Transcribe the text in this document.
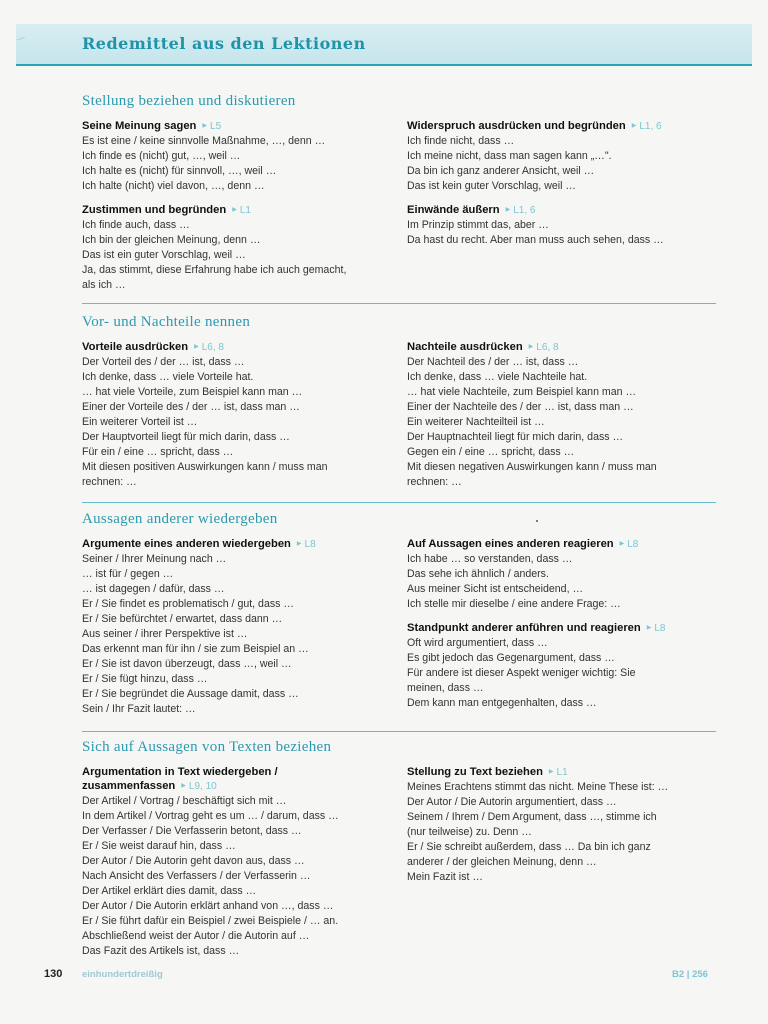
Redemittel aus den Lektionen
Stellung beziehen und diskutieren
Seine Meinung sagen ▶ L5
Es ist eine / keine sinnvolle Maßnahme, …, denn …
Ich finde es (nicht) gut, …, weil …
Ich halte es (nicht) für sinnvoll, …, weil …
Ich halte (nicht) viel davon, …, denn …
Zustimmen und begründen ▶ L1
Ich finde auch, dass …
Ich bin der gleichen Meinung, denn …
Das ist ein guter Vorschlag, weil …
Ja, das stimmt, diese Erfahrung habe ich auch gemacht,
als ich …
Widerspruch ausdrücken und begründen ▶ L1, 6
Ich finde nicht, dass …
Ich meine nicht, dass man sagen kann „…".
Da bin ich ganz anderer Ansicht, weil …
Das ist kein guter Vorschlag, weil …
Einwände äußern ▶ L1, 6
Im Prinzip stimmt das, aber …
Da hast du recht. Aber man muss auch sehen, dass …
Vor- und Nachteile nennen
Vorteile ausdrücken ▶ L6, 8
Der Vorteil des / der … ist, dass …
Ich denke, dass … viele Vorteile hat.
… hat viele Vorteile, zum Beispiel kann man …
Einer der Vorteile des / der … ist, dass man …
Ein weiterer Vorteil ist …
Der Hauptvorteil liegt für mich darin, dass …
Für ein / eine … spricht, dass …
Mit diesen positiven Auswirkungen kann / muss man
rechnen: …
Nachteile ausdrücken ▶ L6, 8
Der Nachteil des / der … ist, dass …
Ich denke, dass … viele Nachteile hat.
… hat viele Nachteile, zum Beispiel kann man …
Einer der Nachteile des / der … ist, dass man …
Ein weiterer Nachteilteil ist …
Der Hauptnachteil liegt für mich darin, dass …
Gegen ein / eine … spricht, dass …
Mit diesen negativen Auswirkungen kann / muss man
rechnen: …
Aussagen anderer wiedergeben
Argumente eines anderen wiedergeben ▶ L8
Seiner / Ihrer Meinung nach …
… ist für / gegen …
… ist dagegen / dafür, dass …
Er / Sie findet es problematisch / gut, dass …
Er / Sie befürchtet / erwartet, dass dann …
Aus seiner / ihrer Perspektive ist …
Das erkennt man für ihn / sie zum Beispiel an …
Er / Sie ist davon überzeugt, dass …, weil …
Er / Sie fügt hinzu, dass …
Er / Sie begründet die Aussage damit, dass …
Sein / Ihr Fazit lautet: …
Auf Aussagen eines anderen reagieren ▶ L8
Ich habe … so verstanden, dass …
Das sehe ich ähnlich / anders.
Aus meiner Sicht ist entscheidend, …
Ich stelle mir dieselbe / eine andere Frage: …
Standpunkt anderer anführen und reagieren ▶ L8
Oft wird argumentiert, dass …
Es gibt jedoch das Gegenargument, dass …
Für andere ist dieser Aspekt weniger wichtig: Sie
meinen, dass …
Dem kann man entgegenhalten, dass …
Sich auf Aussagen von Texten beziehen
Argumentation in Text wiedergeben /
zusammenfassen ▶ L9, 10
Der Artikel / Vortrag / beschäftigt sich mit …
In dem Artikel / Vortrag geht es um … / darum, dass …
Der Verfasser / Die Verfasserin betont, dass …
Er / Sie weist darauf hin, dass …
Der Autor / Die Autorin geht davon aus, dass …
Nach Ansicht des Verfassers / der Verfasserin …
Der Artikel erklärt dies damit, dass …
Der Autor / Die Autorin erklärt anhand von …, dass …
Er / Sie führt dafür ein Beispiel / zwei Beispiele / … an.
Abschließend weist der Autor / die Autorin auf …
Das Fazit des Artikels ist, dass …
Stellung zu Text beziehen ▶ L1
Meines Erachtens stimmt das nicht. Meine These ist: …
Der Autor / Die Autorin argumentiert, dass …
Seinem / Ihrem / Dem Argument, dass …, stimme ich
(nur teilweise) zu. Denn …
Er / Sie schreibt außerdem, dass … Da bin ich ganz
anderer / der gleichen Meinung, denn …
Mein Fazit ist …
130 einhundertdreißig	B2 | 256
